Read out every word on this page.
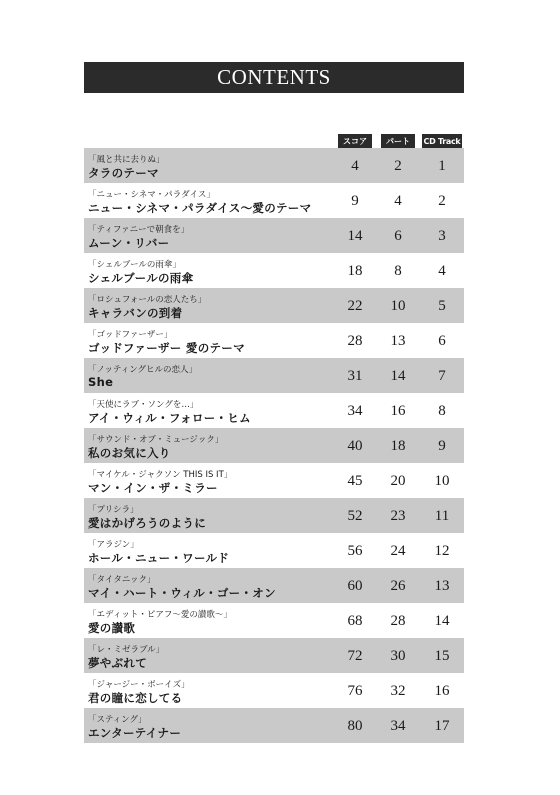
CONTENTS
スコア	パート	CD Track
「風と共に去りぬ」
タラのテーマ	4	2	1
「ニュー・シネマ・パラダイス」
ニュー・シネマ・パラダイス～愛のテーマ	9	4	2
「ティファニーで朝食を」
ムーン・リバー	14	6	3
「シェルブールの雨傘」
シェルブールの雨傘	18	8	4
「ロシュフォールの恋人たち」
キャラバンの到着	22	10	5
「ゴッドファーザー」
ゴッドファーザー 愛のテーマ	28	13	6
「ノッティングヒルの恋人」
She	31	14	7
「天使にラブ・ソングを…」
アイ・ウィル・フォロー・ヒム	34	16	8
「サウンド・オブ・ミュージック」
私のお気に入り	40	18	9
「マイケル・ジャクソン THIS IS IT」
マン・イン・ザ・ミラー	45	20	10
「プリシラ」
愛はかげろうのように	52	23	11
「アラジン」
ホール・ニュー・ワールド	56	24	12
「タイタニック」
マイ・ハート・ウィル・ゴー・オン	60	26	13
「エディット・ピアフ～愛の讃歌～」
愛の讃歌	68	28	14
「レ・ミゼラブル」
夢やぶれて	72	30	15
「ジャージー・ボーイズ」
君の瞳に恋してる	76	32	16
「スティング」
エンターテイナー	80	34	17
